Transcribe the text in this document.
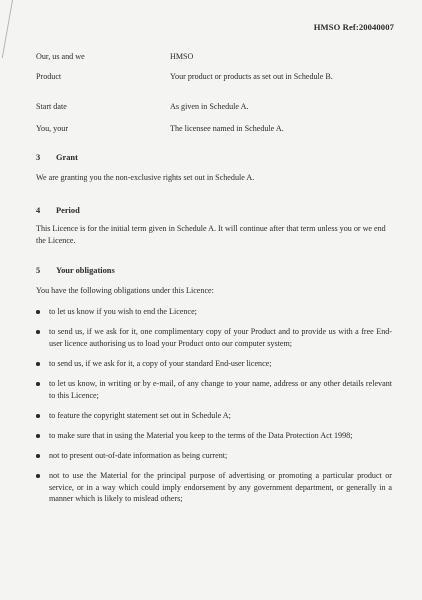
HMSO Ref:20040007
Our, us and we	HMSO
Product	Your product or products as set out in Schedule B.
Start date	As given in Schedule A.
You, your	The licensee named in Schedule A.
3 Grant
We are granting you the non-exclusive rights set out in Schedule A.
4 Period
This Licence is for the initial term given in Schedule A. It will continue after that term unless you or we end the Licence.
5 Your obligations
You have the following obligations under this Licence:
to let us know if you wish to end the Licence;
to send us, if we ask for it, one complimentary copy of your Product and to provide us with a free End-user licence authorising us to load your Product onto our computer system;
to send us, if we ask for it, a copy of your standard End-user licence;
to let us know, in writing or by e-mail, of any change to your name, address or any other details relevant to this Licence;
to feature the copyright statement set out in Schedule A;
to make sure that in using the Material you keep to the terms of the Data Protection Act 1998;
not to present out-of-date information as being current;
not to use the Material for the principal purpose of advertising or promoting a particular product or service, or in a way which could imply endorsement by any government department, or generally in a manner which is likely to mislead others;
